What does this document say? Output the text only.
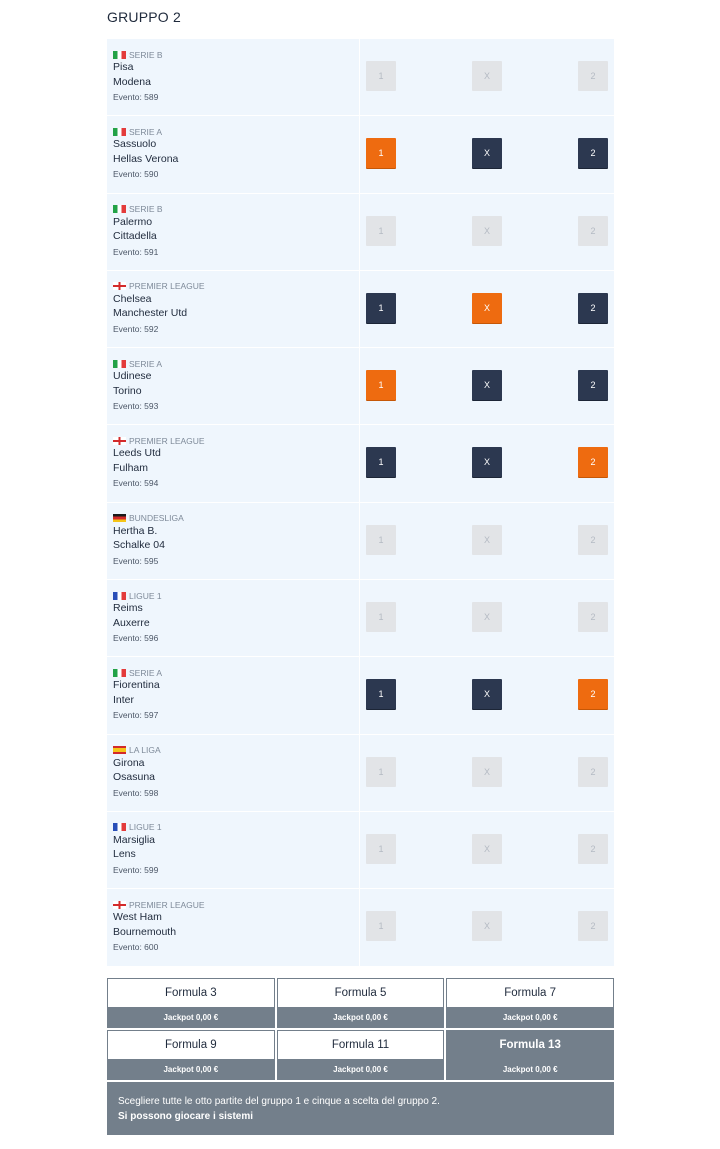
GRUPPO 2
SERIE B
Pisa
Modena
Evento: 589
1	X	2
SERIE A
Sassuolo
Hellas Verona
Evento: 590
1	X	2
SERIE B
Palermo
Cittadella
Evento: 591
1	X	2
PREMIER LEAGUE
Chelsea
Manchester Utd
Evento: 592
1	X	2
SERIE A
Udinese
Torino
Evento: 593
1	X	2
PREMIER LEAGUE
Leeds Utd
Fulham
Evento: 594
1	X	2
BUNDESLIGA
Hertha B.
Schalke 04
Evento: 595
1	X	2
LIGUE 1
Reims
Auxerre
Evento: 596
1	X	2
SERIE A
Fiorentina
Inter
Evento: 597
1	X	2
LA LIGA
Girona
Osasuna
Evento: 598
1	X	2
LIGUE 1
Marsiglia
Lens
Evento: 599
1	X	2
PREMIER LEAGUE
West Ham
Bournemouth
Evento: 600
1	X	2
Formula 3
Jackpot 0,00 €
Formula 5
Jackpot 0,00 €
Formula 7
Jackpot 0,00 €
Formula 9
Jackpot 0,00 €
Formula 11
Jackpot 0,00 €
Formula 13
Jackpot 0,00 €
Scegliere tutte le otto partite del gruppo 1 e cinque a scelta del gruppo 2.
Si possono giocare i sistemi
